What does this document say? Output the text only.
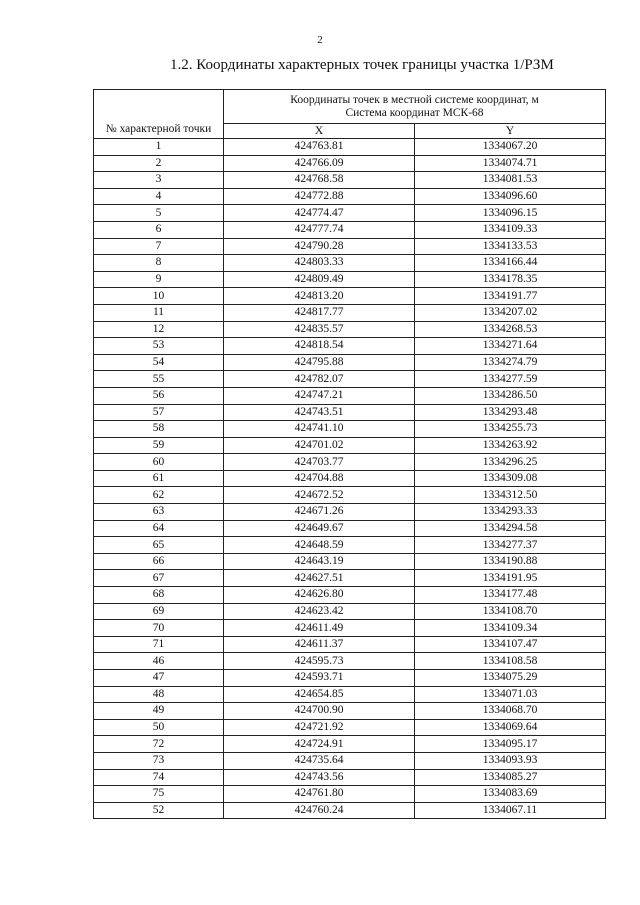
2
1.2. Координаты характерных точек границы участка 1/РЗМ
№ характерной точки	Координаты точек в местной системе координат, м
Система координат МСК-68	
	X	Y
1	424763.81	1334067.20
2	424766.09	1334074.71
3	424768.58	1334081.53
4	424772.88	1334096.60
5	424774.47	1334096.15
6	424777.74	1334109.33
7	424790.28	1334133.53
8	424803.33	1334166.44
9	424809.49	1334178.35
10	424813.20	1334191.77
11	424817.77	1334207.02
12	424835.57	1334268.53
53	424818.54	1334271.64
54	424795.88	1334274.79
55	424782.07	1334277.59
56	424747.21	1334286.50
57	424743.51	1334293.48
58	424741.10	1334255.73
59	424701.02	1334263.92
60	424703.77	1334296.25
61	424704.88	1334309.08
62	424672.52	1334312.50
63	424671.26	1334293.33
64	424649.67	1334294.58
65	424648.59	1334277.37
66	424643.19	1334190.88
67	424627.51	1334191.95
68	424626.80	1334177.48
69	424623.42	1334108.70
70	424611.49	1334109.34
71	424611.37	1334107.47
46	424595.73	1334108.58
47	424593.71	1334075.29
48	424654.85	1334071.03
49	424700.90	1334068.70
50	424721.92	1334069.64
72	424724.91	1334095.17
73	424735.64	1334093.93
74	424743.56	1334085.27
75	424761.80	1334083.69
52	424760.24	1334067.11
